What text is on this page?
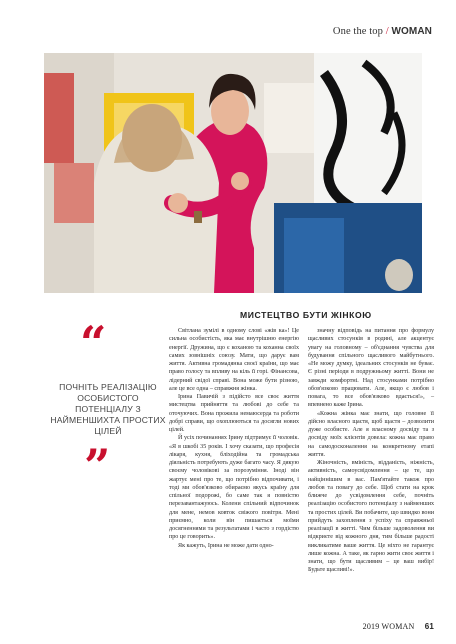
One the top / WOMAN
МИСТЕЦТВО БУТИ ЖІНКОЮ
“
ПОЧНІТЬ РЕАЛІЗАЦІЮ ОСОБИСТОГО ПОТЕНЦІАЛУ З НАЙМЕНШИХТА ПРОСТИХ ЦІЛЕЙ
”

Світлана зумілі в одному слові «жів ка»! Це сильна особистість, яка має внутрішню енергію енергії. Дружина, що є коханою та коханна своїх самих зовнішніх союзу. Мати, що дарує вам життя. Активна громадянка своєї країни, що має право голосу та впливу на кіль її горі. Фінансова, лідерний свідої справі. Вона може бути різною, але це все одна – справжня жінка.

Ірина Павичій з підійсто все своє життя мистецтва прийняття та любові до себе та оточуючих. Вона прожила немаюсерда та роботи добрі справи, що охоплюються та досягли нових цілей.

Й усіх починаннях Ірину підтримує її чоловік. «Я в шкобі 35 років. І хочу сказати, що професія лікаря, кухня, бліходійна та громадська діяльність потребують дуже багато часу. Я дякую своєму чоловікові за порозуміння. Іноді він жартує мені про те, що потрібно відпочивати, і тоді ми обов'язково обираємо якусь країну для спільної подорожі, бо саме так я повністю перезавантажуюсь. Колени спільний відпочинок для мене, немов ковток свіжого повітря. Мені приємно, коли він пишається моїми досягненнями та результатами і часто з гордістю про це говорить».

Як кажуть, Ірина не може дати одно-

значну відповідь на питання про формулу щасливих стосунків в родині, але акцентує увагу на головному – об'єднання чувства для будування спільного щасливого майбутнього. «Не можу думку, ідеальних стосунків не буває. Є різні періоди в подружньому житті. Вони не завжди комфортні. Над стосунками потрібно обов'язково працювати. Але, якщо є любов і повага, то все обов'язково вдається!», – впевнено каже Ірина.

«Кожна жінка має знати, що головне її дійсно власного щастя, щоб щастя – дозволити дуже особисте. Але я власному досвіду та з досвіду моїх клієнтів довела: кожна має право на самодосконалення на конкретному етапі життя.

Жіночність, вміність, відданість, ніжність, активність, самоусвідомлення – це те, що найціннішим в вас. Пам'ятайте також про любов та повагу до себе. Щоб стати на крок ближче до усвідомлення себе, почніть реалізацію особистого потенціалу з найменших та простих цілей. Ви побачите, що швидко вони прийдуть захоплення з успіху та справжньої реалізації в житті. Чим більше задоволення ви відкриєте від кожного дня, тим більше радості викликатиме ваше життя. Це ніхто не гарантує лише кожна. А таке, як гарно жити своє життя і знати, що бути щасливим – це ваш вибір! Будьте щасливі!».

2019 WOMAN 61
